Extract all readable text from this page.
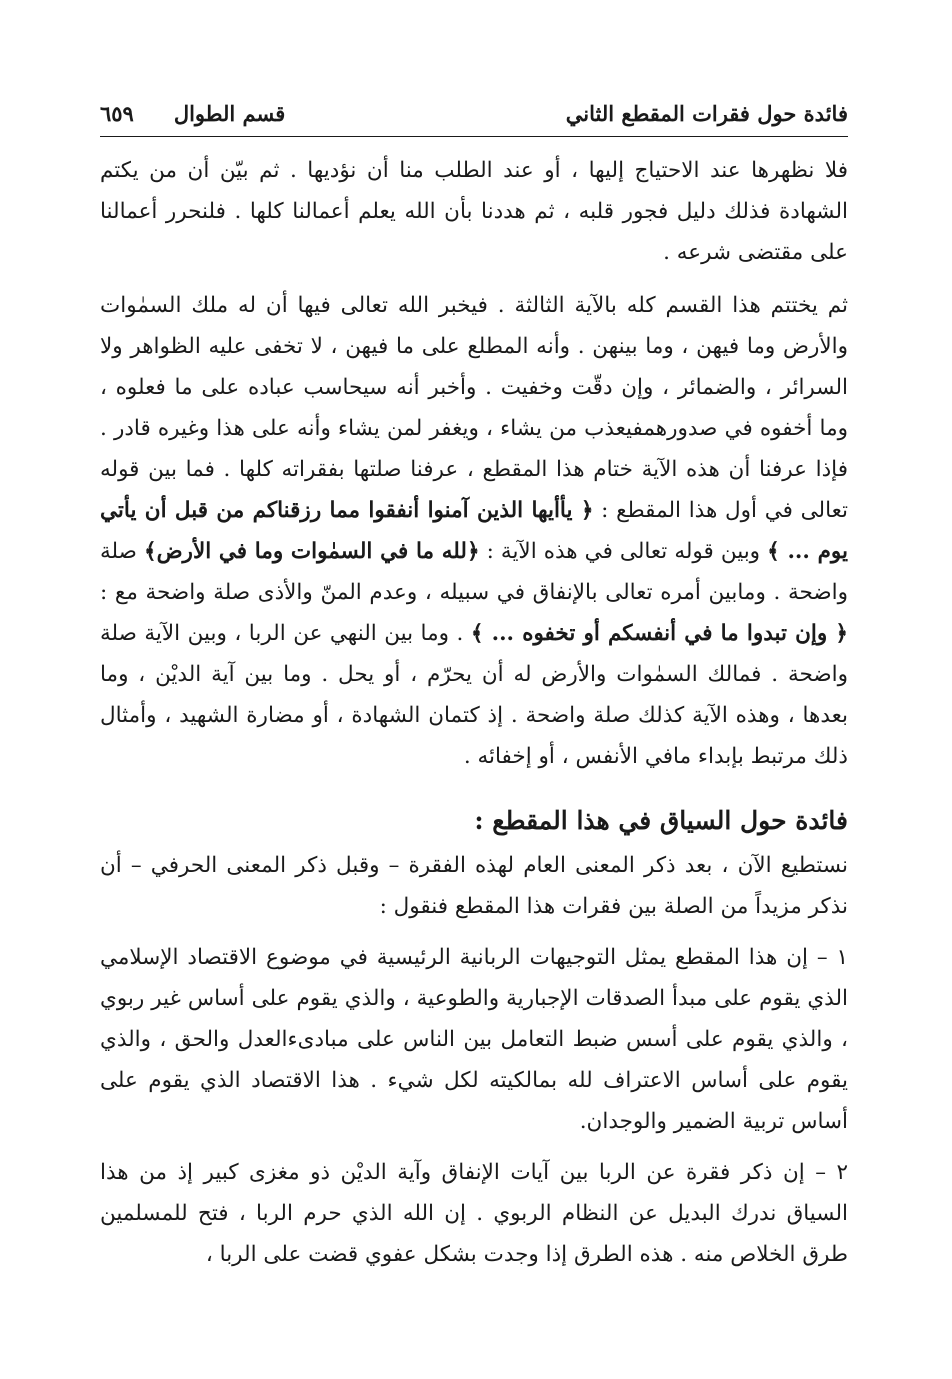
فائدة حول فقرات المقطع الثاني
قسم الطوال
٦٥٩

فلا نظهرها عند الاحتياج إليها ، أو عند الطلب منا أن نؤديها . ثم بيّن أن من يكتم الشهادة فذلك دليل فجور قلبه ، ثم هددنا بأن الله يعلم أعمالنا كلها . فلنحرر أعمالنا على مقتضى شرعه .

ثم يختتم هذا القسم كله بالآية الثالثة . فيخبر الله تعالى فيها أن له ملك السمٰوات والأرض وما فيهن ، وما بينهن . وأنه المطلع على ما فيهن ، لا تخفى عليه الظواهر ولا السرائر ، والضمائر ، وإن دقّت وخفيت . وأخبر أنه سيحاسب عباده على ما فعلوه ، وما أخفوه في صدورهمفيعذب من يشاء ، ويغفر لمن يشاء وأنه على هذا وغيره قادر . فإذا عرفنا أن هذه الآية ختام هذا المقطع ، عرفنا صلتها بفقراته كلها . فما بين قوله تعالى في أول هذا المقطع : ﴿ يأأيها الذين آمنوا أنفقوا مما رزقناكم من قبل أن يأتي يوم ... ﴾ وبين قوله تعالى في هذه الآية : ﴿لله ما في السمٰوات وما في الأرض﴾ صلة واضحة . ومابين أمره تعالى بالإنفاق في سبيله ، وعدم المنّ والأذى صلة واضحة مع : ﴿ وإن تبدوا ما في أنفسكم أو تخفوه ... ﴾ . وما بين النهي عن الربا ، وبين الآية صلة واضحة . فمالك السمٰوات والأرض له أن يحرّم ، أو يحل . وما بين آية الديْن ، وما بعدها ، وهذه الآية كذلك صلة واضحة . إذ كتمان الشهادة ، أو مضارة الشهيد ، وأمثال ذلك مرتبط بإبداء مافي الأنفس ، أو إخفائه .

فائدة حول السياق في هذا المقطع :

نستطيع الآن ، بعد ذكر المعنى العام لهذه الفقرة – وقبل ذكر المعنى الحرفي – أن نذكر مزيداً من الصلة بين فقرات هذا المقطع فنقول :

١ – إن هذا المقطع يمثل التوجيهات الربانية الرئيسية في موضوع الاقتصاد الإسلامي الذي يقوم على مبدأ الصدقات الإجبارية والطوعية ، والذي يقوم على أساس غير ربوي ، والذي يقوم على أسس ضبط التعامل بين الناس على مبادىءالعدل والحق ، والذي يقوم على أساس الاعتراف لله بمالكيته لكل شيء . هذا الاقتصاد الذي يقوم على أساس تربية الضمير والوجدان.

٢ – إن ذكر فقرة عن الربا بين آيات الإنفاق وآية الديْن ذو مغزى كبير إذ من هذا السياق ندرك البديل عن النظام الربوي . إن الله الذي حرم الربا ، فتح للمسلمين طرق الخلاص منه . هذه الطرق إذا وجدت بشكل عفوي قضت على الربا ،
